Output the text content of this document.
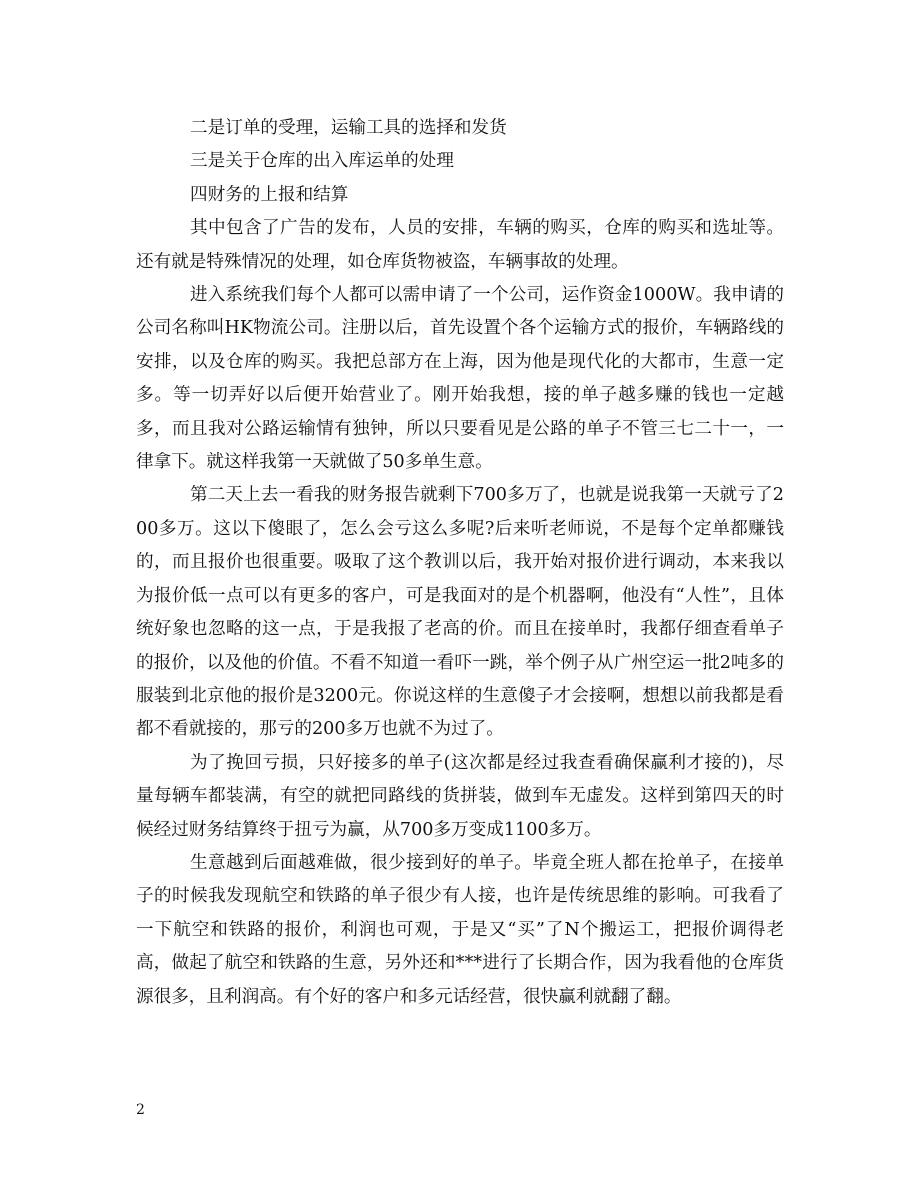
二是订单的受理，运输工具的选择和发货

三是关于仓库的出入库运单的处理

四财务的上报和结算

其中包含了广告的发布，人员的安排，车辆的购买，仓库的购买和选址等。还有就是特殊情况的处理，如仓库货物被盗，车辆事故的处理。

进入系统我们每个人都可以需申请了一个公司，运作资金1000W。我申请的公司名称叫HK物流公司。注册以后，首先设置个各个运输方式的报价，车辆路线的安排，以及仓库的购买。我把总部方在上海，因为他是现代化的大都市，生意一定多。等一切弄好以后便开始营业了。刚开始我想，接的单子越多赚的钱也一定越多，而且我对公路运输情有独钟，所以只要看见是公路的单子不管三七二十一，一律拿下。就这样我第一天就做了50多单生意。

第二天上去一看我的财务报告就剩下700多万了，也就是说我第一天就亏了200多万。这以下傻眼了，怎么会亏这么多呢?后来听老师说，不是每个定单都赚钱的，而且报价也很重要。吸取了这个教训以后，我开始对报价进行调动，本来我以为报价低一点可以有更多的客户，可是我面对的是个机器啊，他没有“人性”，且体统好象也忽略的这一点，于是我报了老高的价。而且在接单时，我都仔细查看单子的报价，以及他的价值。不看不知道一看吓一跳，举个例子从广州空运一批2吨多的服装到北京他的报价是3200元。你说这样的生意傻子才会接啊，想想以前我都是看都不看就接的，那亏的200多万也就不为过了。

为了挽回亏损，只好接多的单子(这次都是经过我查看确保赢利才接的)，尽量每辆车都装满，有空的就把同路线的货拼装，做到车无虚发。这样到第四天的时候经过财务结算终于扭亏为赢，从700多万变成1100多万。

生意越到后面越难做，很少接到好的单子。毕竟全班人都在抢单子，在接单子的时候我发现航空和铁路的单子很少有人接，也许是传统思维的影响。可我看了一下航空和铁路的报价，利润也可观，于是又“买”了N个搬运工，把报价调得老高，做起了航空和铁路的生意，另外还和***进行了长期合作，因为我看他的仓库货源很多，且利润高。有个好的客户和多元话经营，很快赢利就翻了翻。

2
